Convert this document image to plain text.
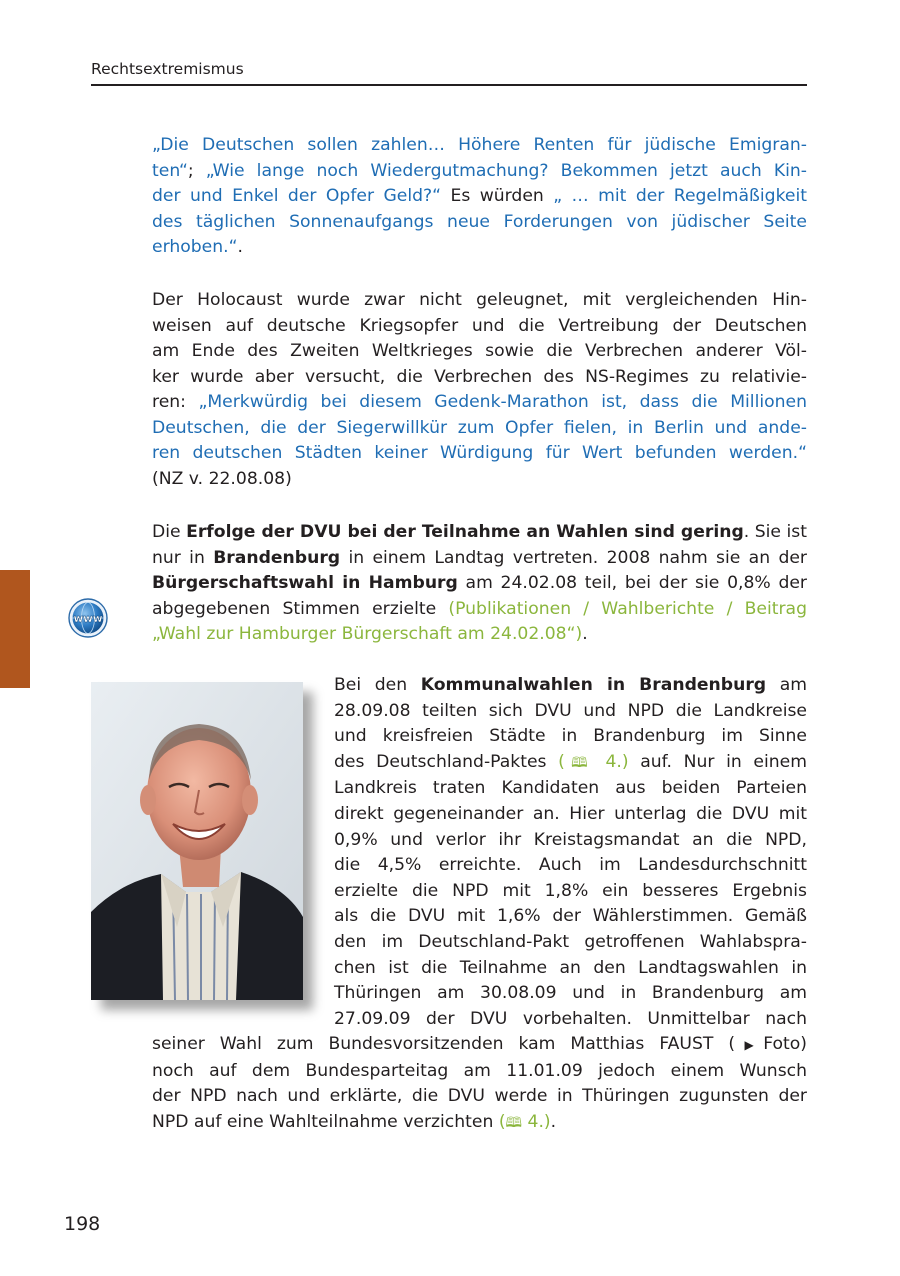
Rechtsextremismus
„Die Deutschen sollen zahlen… Höhere Renten für jüdische Emigran-
ten“; „Wie lange noch Wiedergutmachung? Bekommen jetzt auch Kin-
der und Enkel der Opfer Geld?“ Es würden „ … mit der Regelmäßigkeit
des täglichen Sonnenaufgangs neue Forderungen von jüdischer Seite
erhoben.“.
Der Holocaust wurde zwar nicht geleugnet, mit vergleichenden Hin-
weisen auf deutsche Kriegsopfer und die Vertreibung der Deutschen
am Ende des Zweiten Weltkrieges sowie die Verbrechen anderer Völ-
ker wurde aber versucht, die Verbrechen des NS-Regimes zu relativie-
ren: „Merkwürdig bei diesem Gedenk-Marathon ist, dass die Millionen
Deutschen, die der Siegerwillkür zum Opfer fielen, in Berlin und ande-
ren deutschen Städten keiner Würdigung für Wert befunden werden.“
(NZ v. 22.08.08)
Die Erfolge der DVU bei der Teilnahme an Wahlen sind gering. Sie ist
nur in Brandenburg in einem Landtag vertreten. 2008 nahm sie an der
Bürgerschaftswahl in Hamburg am 24.02.08 teil, bei der sie 0,8% der
abgegebenen Stimmen erzielte (Publikationen / Wahlberichte / Beitrag
„Wahl zur Hamburger Bürgerschaft am 24.02.08“).
www
Bei den Kommunalwahlen in Brandenburg am
28.09.08 teilten sich DVU und NPD die Landkreise
und kreisfreien Städte in Brandenburg im Sinne
des Deutschland-Paktes (🕮 4.) auf. Nur in einem
Landkreis traten Kandidaten aus beiden Parteien
direkt gegeneinander an. Hier unterlag die DVU mit
0,9% und verlor ihr Kreistagsmandat an die NPD,
die 4,5% erreichte. Auch im Landesdurchschnitt
erzielte die NPD mit 1,8% ein besseres Ergebnis
als die DVU mit 1,6% der Wählerstimmen. Gemäß
den im Deutschland-Pakt getroffenen Wahlabspra-
chen ist die Teilnahme an den Landtagswahlen in
Thüringen am 30.08.09 und in Brandenburg am
27.09.09 der DVU vorbehalten. Unmittelbar nach
seiner Wahl zum Bundesvorsitzenden kam Matthias FAUST (▶Foto)
noch auf dem Bundesparteitag am 11.01.09 jedoch einem Wunsch
der NPD nach und erklärte, die DVU werde in Thüringen zugunsten der
NPD auf eine Wahlteilnahme verzichten (🕮 4.).
198
